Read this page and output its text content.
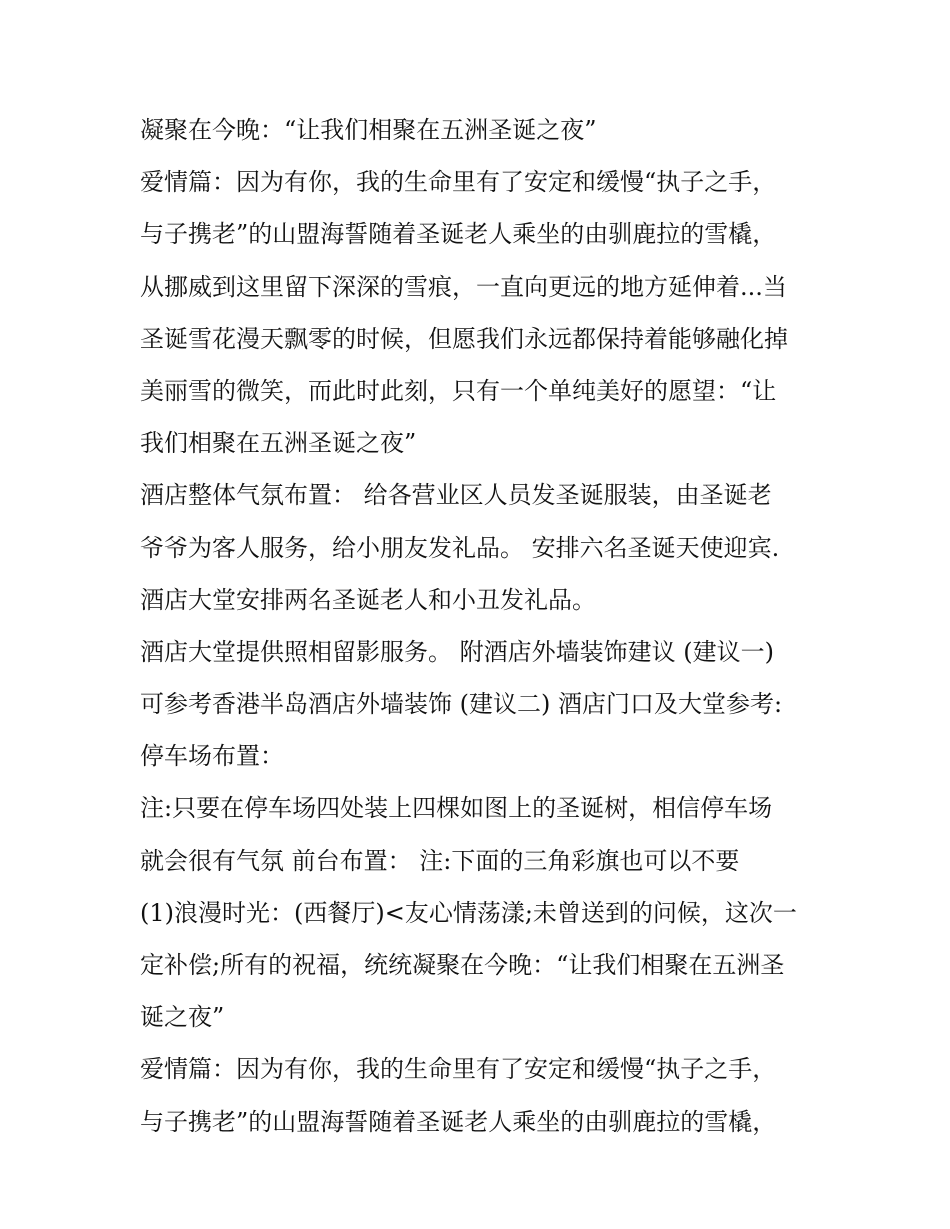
凝聚在今晚：“让我们相聚在五洲圣诞之夜”
爱情篇：因为有你，我的生命里有了安定和缓慢“执子之手，
与子携老”的山盟海誓随着圣诞老人乘坐的由驯鹿拉的雪橇，
从挪威到这里留下深深的雪痕，一直向更远的地方延伸着...当
圣诞雪花漫天飘零的时候，但愿我们永远都保持着能够融化掉
美丽雪的微笑，而此时此刻，只有一个单纯美好的愿望：“让
我们相聚在五洲圣诞之夜”
酒店整体气氛布置： 给各营业区人员发圣诞服装，由圣诞老
爷爷为客人服务，给小朋友发礼品。 安排六名圣诞天使迎宾.
酒店大堂安排两名圣诞老人和小丑发礼品。
酒店大堂提供照相留影服务。 附酒店外墙装饰建议 (建议一)
可参考香港半岛酒店外墙装饰 (建议二) 酒店门口及大堂参考:
停车场布置：
注:只要在停车场四处装上四棵如图上的圣诞树，相信停车场
就会很有气氛 前台布置： 注:下面的三角彩旗也可以不要
(1)浪漫时光：(西餐厅)<友心情荡漾;未曾送到的问候，这次一
定补偿;所有的祝福，统统凝聚在今晚：“让我们相聚在五洲圣
诞之夜”
爱情篇：因为有你，我的生命里有了安定和缓慢“执子之手，
与子携老”的山盟海誓随着圣诞老人乘坐的由驯鹿拉的雪橇，
